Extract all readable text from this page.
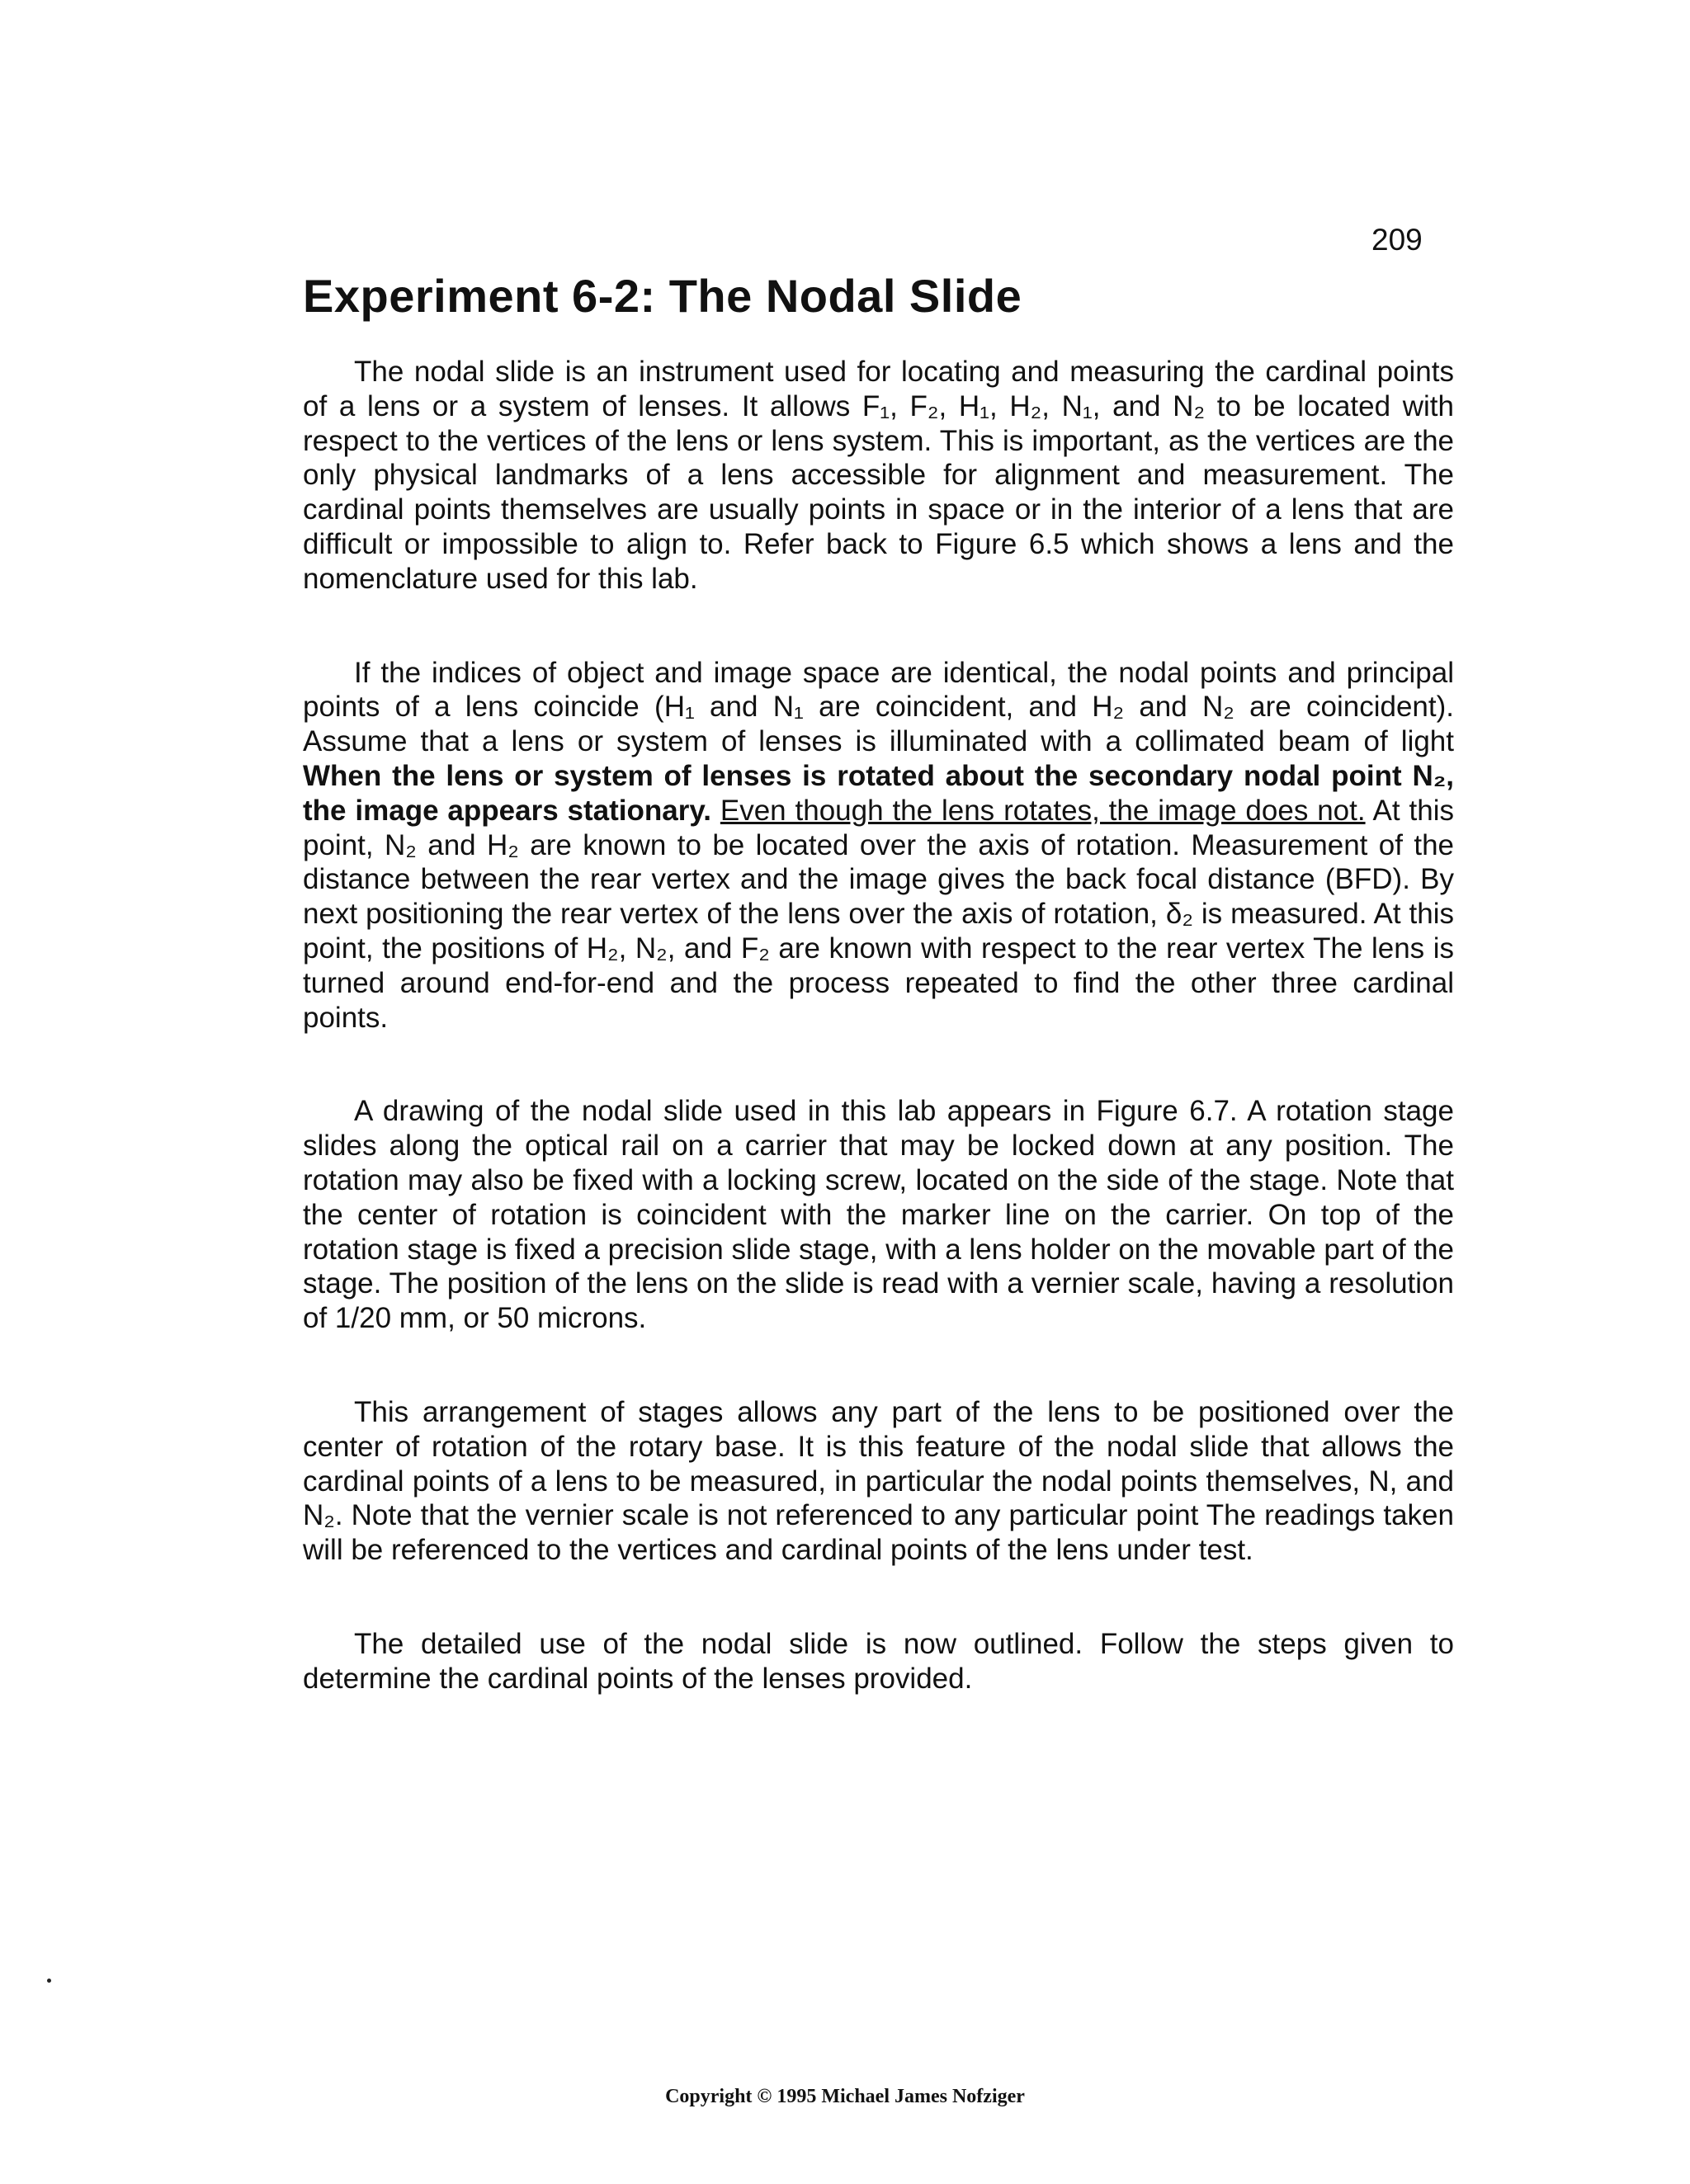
209
Experiment 6-2: The Nodal Slide

The nodal slide is an instrument used for locating and measuring the cardinal points of a lens or a system of lenses. It allows F₁, F₂, H₁, H₂, N₁, and N₂ to be located with respect to the vertices of the lens or lens system. This is important, as the vertices are the only physical landmarks of a lens accessible for alignment and measurement. The cardinal points themselves are usually points in space or in the interior of a lens that are difficult or impossible to align to. Refer back to Figure 6.5 which shows a lens and the nomenclature used for this lab.

If the indices of object and image space are identical, the nodal points and principal points of a lens coincide (H₁ and N₁ are coincident, and H₂ and N₂ are coincident). Assume that a lens or system of lenses is illuminated with a collimated beam of light When the lens or system of lenses is rotated about the secondary nodal point N₂, the image appears stationary. Even though the lens rotates, the image does not. At this point, N₂ and H₂ are known to be located over the axis of rotation. Measurement of the distance between the rear vertex and the image gives the back focal distance (BFD). By next positioning the rear vertex of the lens over the axis of rotation, δ₂ is measured. At this point, the positions of H₂, N₂, and F₂ are known with respect to the rear vertex The lens is turned around end-for-end and the process repeated to find the other three cardinal points.

A drawing of the nodal slide used in this lab appears in Figure 6.7. A rotation stage slides along the optical rail on a carrier that may be locked down at any position. The rotation may also be fixed with a locking screw, located on the side of the stage. Note that the center of rotation is coincident with the marker line on the carrier. On top of the rotation stage is fixed a precision slide stage, with a lens holder on the movable part of the stage. The position of the lens on the slide is read with a vernier scale, having a resolution of 1/20 mm, or 50 microns.

This arrangement of stages allows any part of the lens to be positioned over the center of rotation of the rotary base. It is this feature of the nodal slide that allows the cardinal points of a lens to be measured, in particular the nodal points themselves, N, and N₂. Note that the vernier scale is not referenced to any particular point The readings taken will be referenced to the vertices and cardinal points of the lens under test.

The detailed use of the nodal slide is now outlined. Follow the steps given to determine the cardinal points of the lenses provided.

Copyright © 1995 Michael James Nofziger
